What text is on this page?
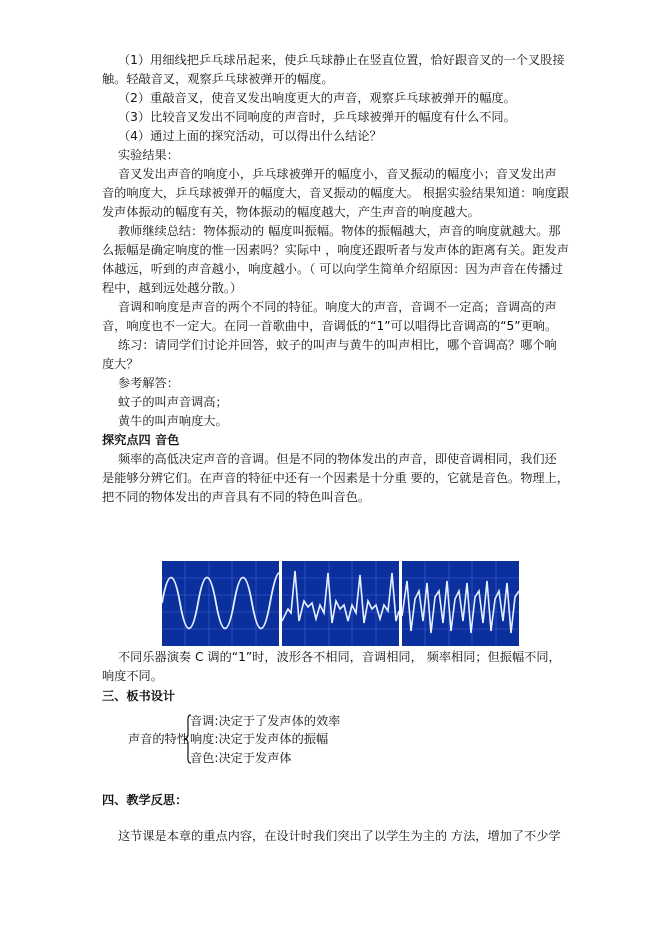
（1）用细线把乒乓球吊起来，使乒乓球静止在竖直位置，恰好跟音叉的一个叉股接
触。轻敲音叉，观察乒乓球被弹开的幅度。
（2）重敲音叉，使音叉发出响度更大的声音，观察乒乓球被弹开的幅度。
（3）比较音叉发出不同响度的声音时，乒乓球被弹开的幅度有什么不同。
（4）通过上面的探究活动，可以得出什么结论？
实验结果：
音叉发出声音的响度小，乒乓球被弹开的幅度小，音叉振动的幅度小；音叉发出声
音的响度大，乒乓球被弹开的幅度大，音叉振动的幅度大。 根据实验结果知道：响度跟
发声体振动的幅度有关，物体振动的幅度越大，产生声音的响度越大。
教师继续总结：物体振动的 幅度叫振幅。物体的振幅越大，声音的响度就越大。那
么振幅是确定响度的惟一因素吗？实际中 ，响度还跟听者与发声体的距离有关。距发声
体越远，听到的声音越小，响度越小。（ 可以向学生简单介绍原因：因为声音在传播过
程中，越到远处越分散。）
音调和响度是声音的两个不同的特征。响度大的声音，音调不一定高；音调高的声
音，响度也不一定大。在同一首歌曲中，音调低的“1”可以唱得比音调高的“5”更响。
练习：请同学们讨论并回答，蚊子的叫声与黄牛的叫声相比，哪个音调高？哪个响
度大？
参考解答：
蚊子的叫声音调高；
黄牛的叫声响度大。
探究点四 音色
频率的高低决定声音的音调。但是不同的物体发出的声音，即使音调相同，我们还
是能够分辨它们。在声音的特征中还有一个因素是十分重 要的，它就是音色。物理上，
把不同的物体发出的声音具有不同的特色叫音色。
不同乐器演奏 C 调的“1”时，波形各不相同，音调相同， 频率相同；但振幅不同，
响度不同。
三、板书设计
声音的特性
音调:决定于了发声体的效率
响度:决定于发声体的振幅
音色:决定于发声体
四、教学反思：
这节课是本章的重点内容，在设计时我们突出了以学生为主的 方法，增加了不少学
